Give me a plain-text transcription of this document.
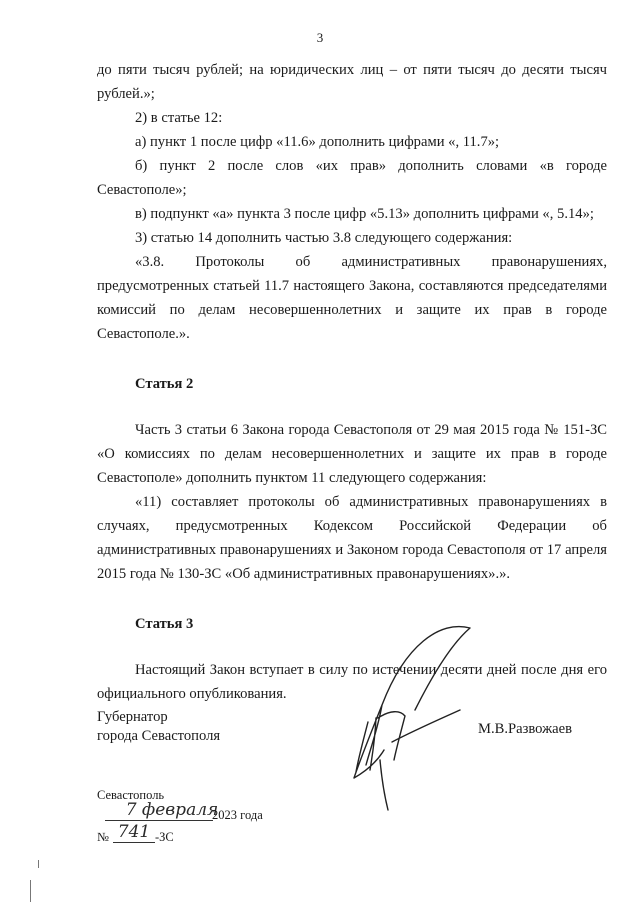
3

до пяти тысяч рублей; на юридических лиц – от пяти тысяч до десяти тысяч рублей.»;

2) в статье 12:

а) пункт 1 после цифр «11.6» дополнить цифрами «, 11.7»;

б) пункт 2 после слов «их прав» дополнить словами «в городе Севастополе»;

в) подпункт «а» пункта 3 после цифр «5.13» дополнить цифрами «, 5.14»;

3) статью 14 дополнить частью 3.8 следующего содержания:

«3.8. Протоколы об административных правонарушениях, предусмотренных статьей 11.7 настоящего Закона, составляются председателями комиссий по делам несовершеннолетних и защите их прав в городе Севастополе.».

Статья 2

Часть 3 статьи 6 Закона города Севастополя от 29 мая 2015 года № 151-ЗС «О комиссиях по делам несовершеннолетних и защите их прав в городе Севастополе» дополнить пунктом 11 следующего содержания:

«11) составляет протоколы об административных правонарушениях в случаях, предусмотренных Кодексом Российской Федерации об административных правонарушениях и Законом города Севастополя от 17 апреля 2015 года № 130-ЗС «Об административных правонарушениях».».

Статья 3

Настоящий Закон вступает в силу по истечении десяти дней после дня его официального опубликования.

Губернатор
города Севастополя	М.В.Развожаев
Севастополь
7 февраля
2023 года
№ 741 -ЗС
